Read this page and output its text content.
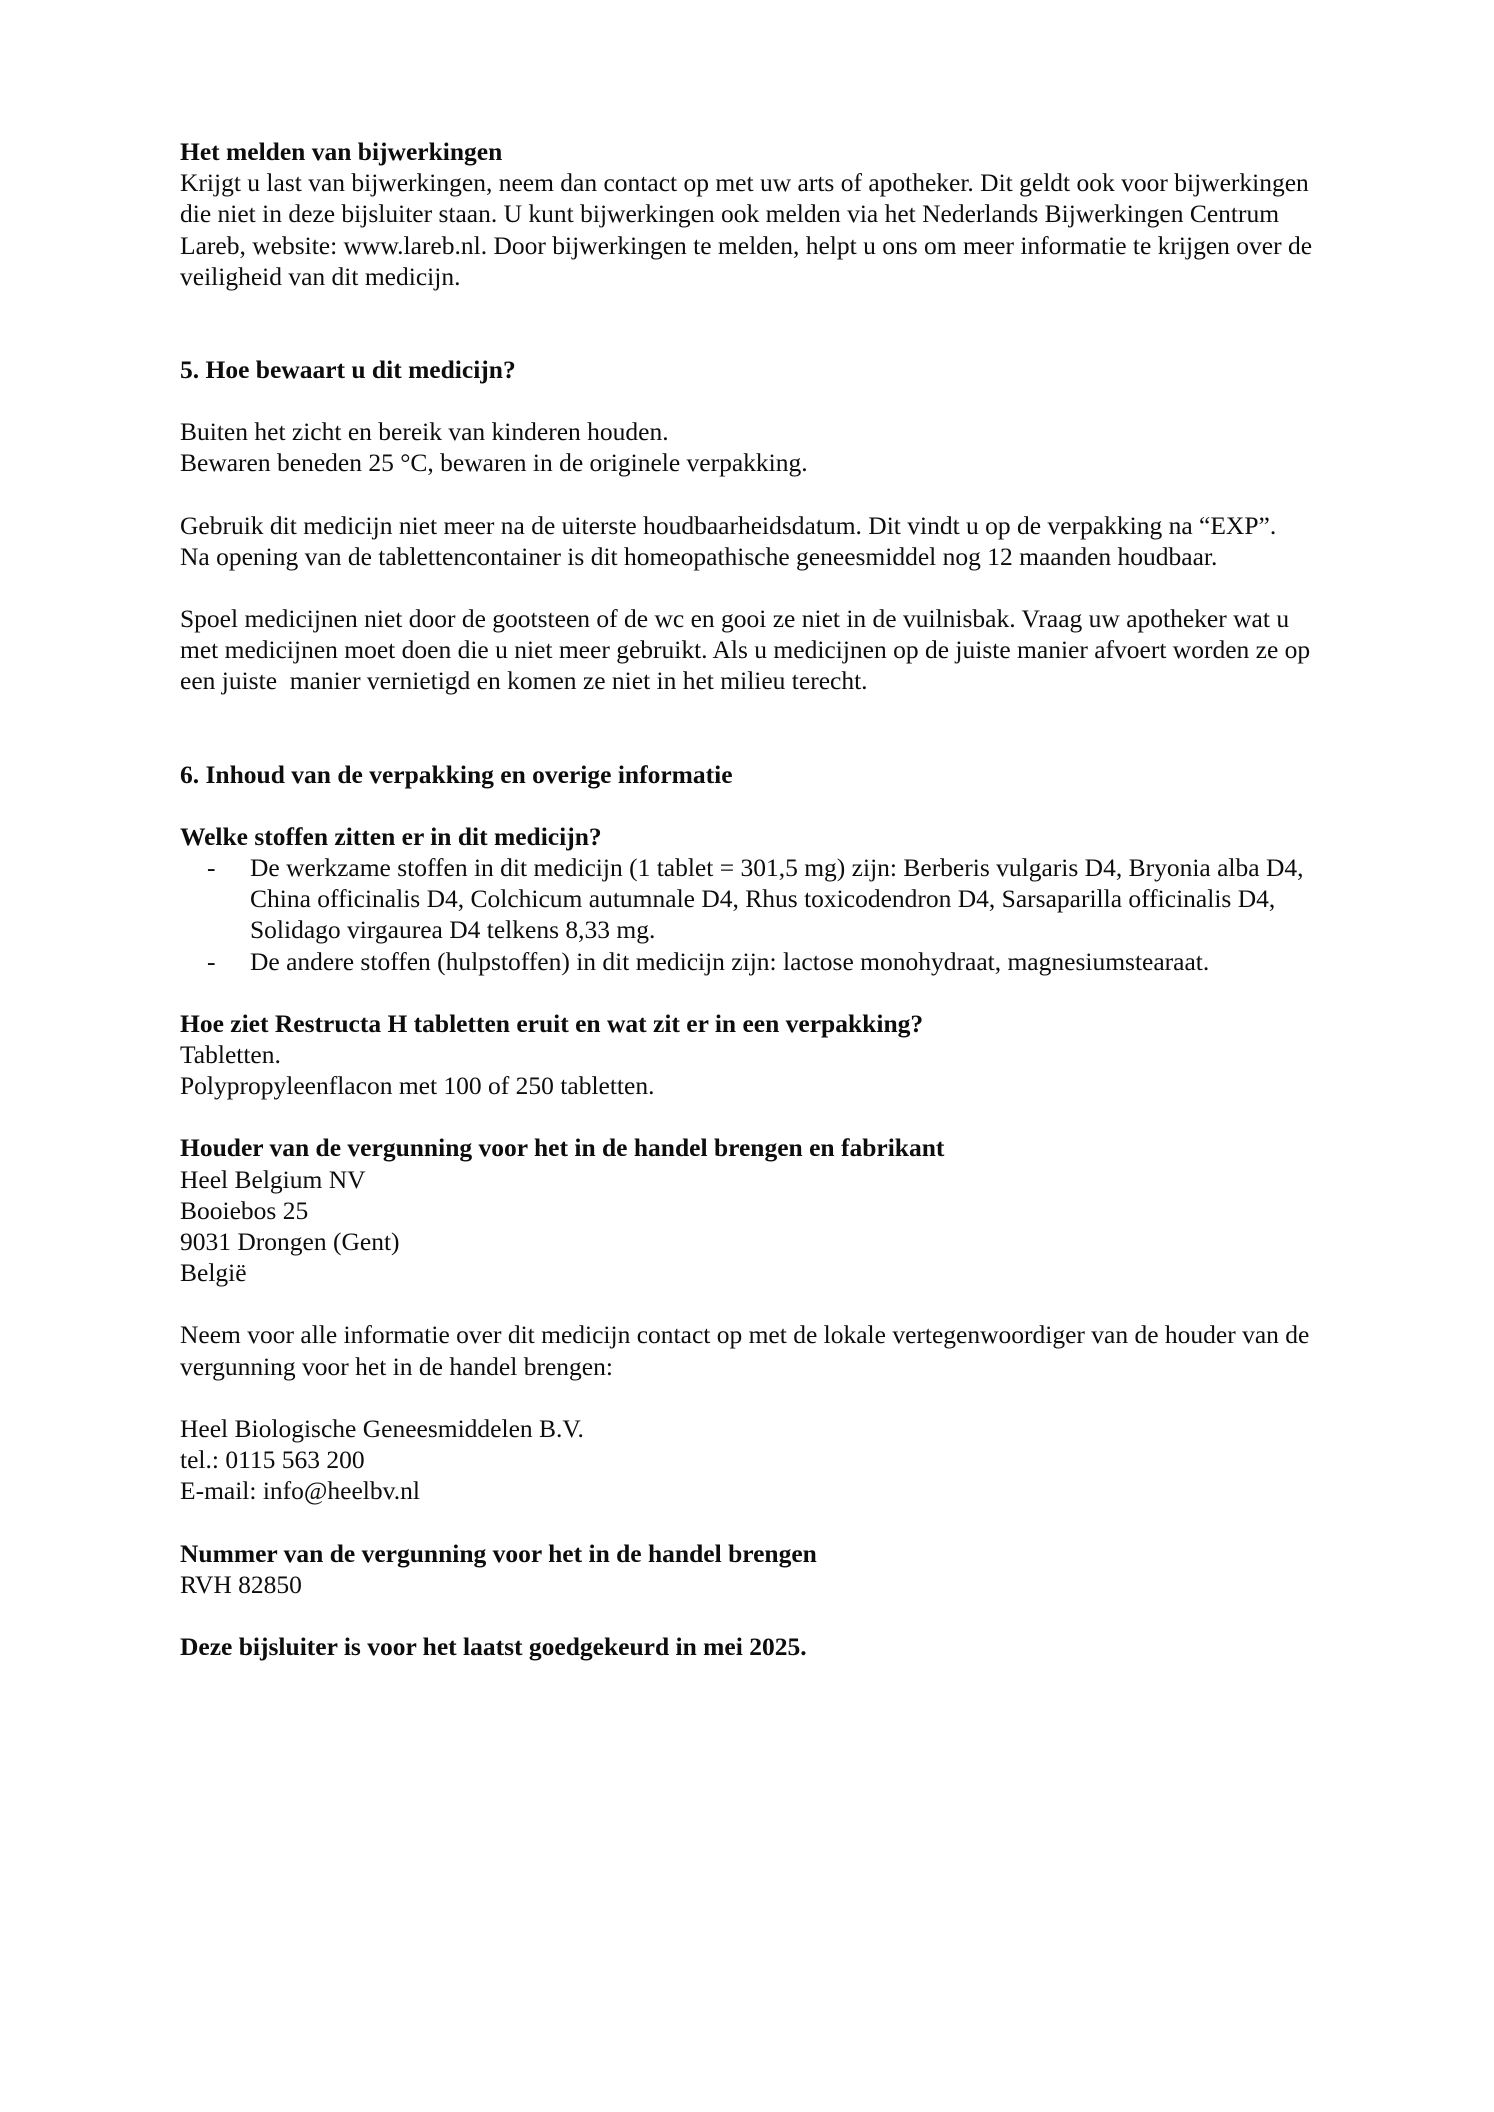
Het melden van bijwerkingen

Krijgt u last van bijwerkingen, neem dan contact op met uw arts of apotheker. Dit geldt ook voor bijwerkingen die niet in deze bijsluiter staan. U kunt bijwerkingen ook melden via het Nederlands Bijwerkingen Centrum Lareb, website: www.lareb.nl. Door bijwerkingen te melden, helpt u ons om meer informatie te krijgen over de veiligheid van dit medicijn.

5. Hoe bewaart u dit medicijn?

Buiten het zicht en bereik van kinderen houden.

Bewaren beneden 25 °C, bewaren in de originele verpakking.

Gebruik dit medicijn niet meer na de uiterste houdbaarheidsdatum. Dit vindt u op de verpakking na “EXP”.

Na opening van de tablettencontainer is dit homeopathische geneesmiddel nog 12 maanden houdbaar.

Spoel medicijnen niet door de gootsteen of de wc en gooi ze niet in de vuilnisbak. Vraag uw apotheker wat u met medicijnen moet doen die u niet meer gebruikt. Als u medicijnen op de juiste manier afvoert worden ze op een juiste  manier vernietigd en komen ze niet in het milieu terecht.

6. Inhoud van de verpakking en overige informatie

Welke stoffen zitten er in dit medicijn?

- De werkzame stoffen in dit medicijn (1 tablet = 301,5 mg) zijn: Berberis vulgaris D4, Bryonia alba D4, China officinalis D4, Colchicum autumnale D4, Rhus toxicodendron D4, Sarsaparilla officinalis D4, Solidago virgaurea D4 telkens 8,33 mg.
- De andere stoffen (hulpstoffen) in dit medicijn zijn: lactose monohydraat, magnesiumstearaat.

Hoe ziet Restructa H tabletten eruit en wat zit er in een verpakking?

Tabletten.

Polypropyleenflacon met 100 of 250 tabletten.

Houder van de vergunning voor het in de handel brengen en fabrikant

Heel Belgium NV

Booiebos 25

9031 Drongen (Gent)

België

Neem voor alle informatie over dit medicijn contact op met de lokale vertegenwoordiger van de houder van de vergunning voor het in de handel brengen:

Heel Biologische Geneesmiddelen B.V.

tel.: 0115 563 200

E-mail: info@heelbv.nl

Nummer van de vergunning voor het in de handel brengen

RVH 82850

Deze bijsluiter is voor het laatst goedgekeurd in mei 2025.
